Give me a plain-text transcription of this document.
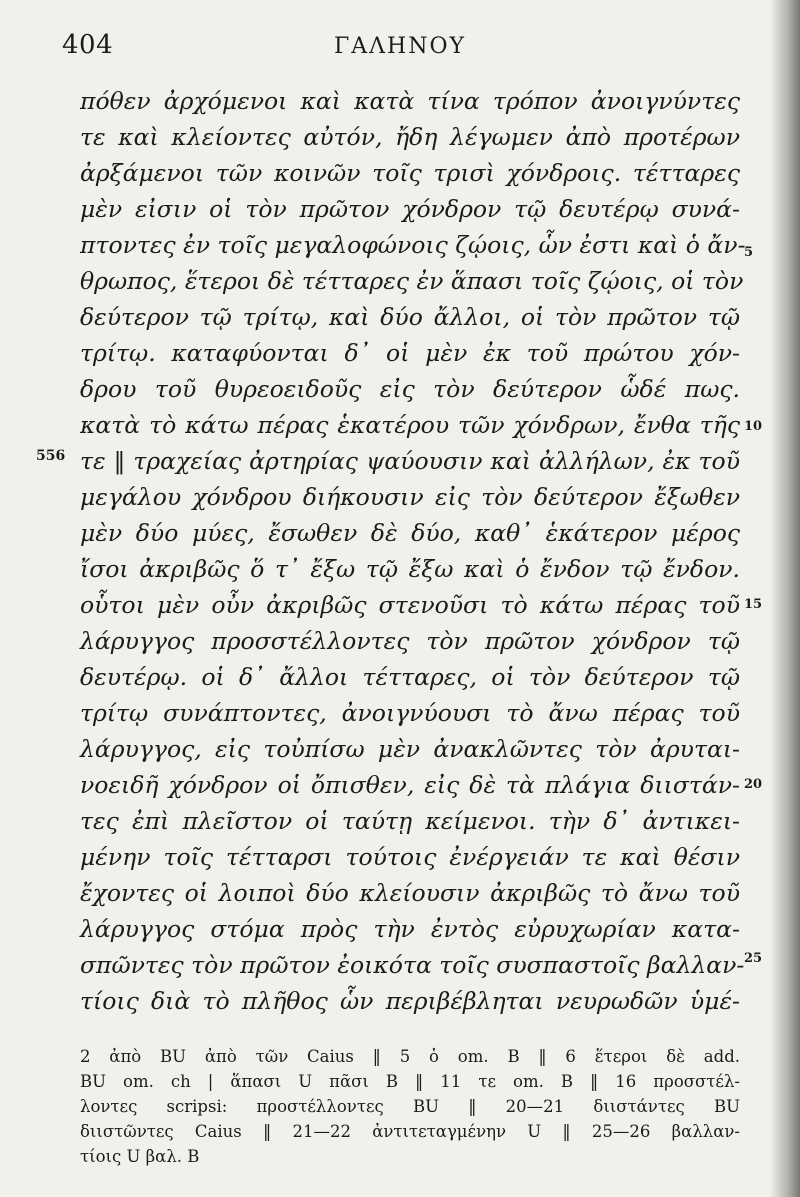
404	ΓΑΛΗΝΟΥ
πόθεν ἀρχόμενοι καὶ κατὰ τίνα τρόπον ἀνοιγνύντες
τε καὶ κλείοντες αὐτόν, ἤδη λέγωμεν ἀπὸ προτέρων
ἀρξάμενοι τῶν κοινῶν τοῖς τρισὶ χόνδροις. τέτταρες
μὲν εἰσιν οἱ τὸν πρῶτον χόνδρον τῷ δευτέρῳ συνά-
πτοντες ἐν τοῖς μεγαλοφώνοις ζῴοις, ὧν ἐστι καὶ ὁ ἄν-
5
θρωπος, ἕτεροι δὲ τέτταρες ἐν ἅπασι τοῖς ζῴοις, οἱ τὸν
δεύτερον τῷ τρίτῳ, καὶ δύο ἄλλοι, οἱ τὸν πρῶτον τῷ
τρίτῳ. καταφύονται δ᾽ οἱ μὲν ἐκ τοῦ πρώτου χόν-
δρου τοῦ θυρεοειδοῦς εἰς τὸν δεύτερον ὧδέ πως.
κατὰ τὸ κάτω πέρας ἑκατέρου τῶν χόνδρων, ἔνθα τῆς 10
556 τε ‖ τραχείας ἀρτηρίας ψαύουσιν καὶ ἀλλήλων, ἐκ τοῦ
μεγάλου χόνδρου διήκουσιν εἰς τὸν δεύτερον ἔξωθεν
μὲν δύο μύες, ἔσωθεν δὲ δύο, καθ᾽ ἑκάτερον μέρος
ἴσοι ἀκριβῶς ὅ τ᾽ ἔξω τῷ ἔξω καὶ ὁ ἔνδον τῷ ἔνδον.
οὗτοι μὲν οὖν ἀκριβῶς στενοῦσι τὸ κάτω πέρας τοῦ 15
λάρυγγος προσστέλλοντες τὸν πρῶτον χόνδρον τῷ
δευτέρῳ. οἱ δ᾽ ἄλλοι τέτταρες, οἱ τὸν δεύτερον τῷ
τρίτῳ συνάπτοντες, ἀνοιγνύουσι τὸ ἄνω πέρας τοῦ
λάρυγγος, εἰς τοὐπίσω μὲν ἀνακλῶντες τὸν ἀρυται-
νοειδῆ χόνδρον οἱ ὄπισθεν, εἰς δὲ τὰ πλάγια διιστάν- 20
τες ἐπὶ πλεῖστον οἱ ταύτῃ κείμενοι. τὴν δ᾽ ἀντικει-
μένην τοῖς τέτταρσι τούτοις ἐνέργειάν τε καὶ θέσιν
ἔχοντες οἱ λοιποὶ δύο κλείουσιν ἀκριβῶς τὸ ἄνω τοῦ
λάρυγγος στόμα πρὸς τὴν ἐντὸς εὐρυχωρίαν κατα-
σπῶντες τὸν πρῶτον ἐοικότα τοῖς συσπαστοῖς βαλλαν- 25
τίοις διὰ τὸ πλῆθος ὧν περιβέβληται νευρωδῶν ὑμέ-
2 ἀπὸ BU ἀπὸ τῶν Caius ‖ 5 ὁ om. B ‖ 6 ἕτεροι δὲ add.
BU om. ch | ἅπασι U πᾶσι B ‖ 11 τε om. B ‖ 16 προσστέλ-
λοντες scripsi: προστέλλοντες BU ‖ 20—21 διιστάντες BU
διιστῶντες Caius ‖ 21—22 ἀντιτεταγμένην U ‖ 25—26 βαλλαν-
τίοις U βαλ. B
